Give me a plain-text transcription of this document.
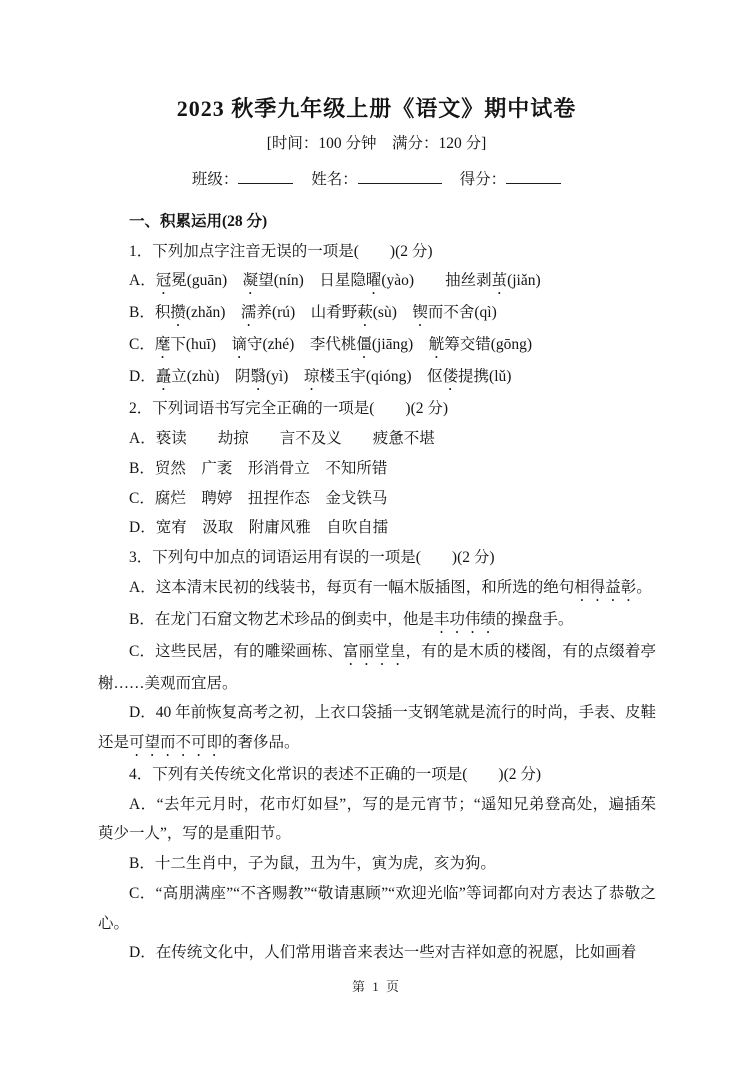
2023 秋季九年级上册《语文》期中试卷
[时间：100 分钟　满分：120 分]
班级：	姓名：	得分：

一、积累运用(28 分)

1．下列加点字注音无误的一项是(　　)(2 分)

A．冠冕(guān)　凝望(nín)　日星隐曜(yào)　　抽丝剥茧(jiǎn)

B．积攒(zhǎn)　濡养(rú)　山肴野蔌(sù)　锲而不舍(qì)

C．麾下(huī)　谪守(zhé)　李代桃僵(jiāng)　觥筹交错(gōng)

D．矗立(zhù)　阴翳(yì)　琼楼玉宇(qióng)　伛偻提携(lǔ)

2．下列词语书写完全正确的一项是(　　)(2 分)

A．亵读　　劫掠　　言不及义　　疲惫不堪

B．贸然　广袤　形消骨立　不知所错

C．腐烂　聘婷　扭捏作态　金戈铁马

D．宽宥　汲取　附庸风雅　自吹自擂

3．下列句中加点的词语运用有误的一项是(　　)(2 分)

A．这本清末民初的线装书，每页有一幅木版插图，和所选的绝句相得益彰。

B．在龙门石窟文物艺术珍品的倒卖中，他是丰功伟绩的操盘手。

C．这些民居，有的雕梁画栋、富丽堂皇，有的是木质的楼阁，有的点缀着亭榭……美观而宜居。

D．40 年前恢复高考之初，上衣口袋插一支钢笔就是流行的时尚，手表、皮鞋还是可望而不可即的奢侈品。

4．下列有关传统文化常识的表述不正确的一项是(　　)(2 分)

A．“去年元月时，花市灯如昼”，写的是元宵节；“遥知兄弟登高处，遍插茱萸少一人”，写的是重阳节。

B．十二生肖中，子为鼠，丑为牛，寅为虎，亥为狗。

C．“高朋满座”“不吝赐教”“敬请惠顾”“欢迎光临”等词都向对方表达了恭敬之心。

D．在传统文化中，人们常用谐音来表达一些对吉祥如意的祝愿，比如画着

第 1 页
